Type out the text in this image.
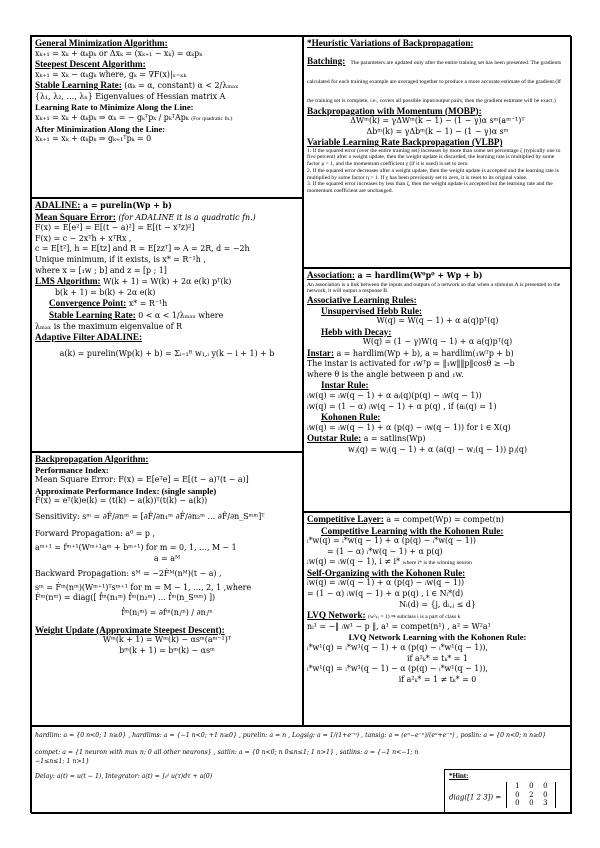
General Minimization Algorithm:
xₖ₊₁ = xₖ + αₖpₖ or Δxₖ = (xₖ₊₁ − xₖ) = αₖpₖ
Steepest Descent Algorithm:
xₖ₊₁ = xₖ − αₖgₖ where, gₖ = ∇F(x)|ₓ₌ₓₖ
Stable Learning Rate: (αₖ = α, constant) α < 2/λₘₐₓ
{λ₁, λ₂, …, λₙ} Eigenvalues of Hessian matrix A
Learning Rate to Minimize Along the Line:
xₖ₊₁ = xₖ + αₖpₖ ⇒ αₖ = − gₖᵀpₖ / pₖᵀApₖ (For quadratic fn.)
After Minimization Along the Line:
xₖ₊₁ = xₖ + αₖpₖ ⇒ gₖ₊₁ᵀpₖ = 0
ADALINE: a = purelin(Wp + b)
Mean Square Error: (for ADALINE it is a quadratic fn.)
F(x) = E[e²] = E[(t − a)²] = E[(t − xᵀz)²]
F(x) = c − 2xᵀh + xᵀRx ,
c = E[t²], h = E[tz] and R = E[zzᵀ] ⇒ A = 2R, d = −2h
Unique minimum, if it exists, is x* = R⁻¹h ,
where x = [₁w ; b] and z = [p ; 1]
LMS Algorithm: W(k + 1) = W(k) + 2α e(k) pᵀ(k)
b(k + 1) = b(k) + 2α e(k)
Convergence Point: x* = R⁻¹h
Stable Learning Rate: 0 < α < 1/λₘₐₓ where
λₘₐₓ is the maximum eigenvalue of R
Adaptive Filter ADALINE:
a(k) = purelin(Wp(k) + b) = Σᵢ₌₁ᴿ w₁,ᵢ y(k − i + 1) + b
Backpropagation Algorithm:
Performance Index:
Mean Square Error: F(x) = E[eᵀe] = E[(t − a)ᵀ(t − a)]
Approximate Performance Index: (single sample)
F̂(x) = eᵀ(k)e(k) = (t(k) − a(k))ᵀ(t(k) − a(k))
Sensitivity: sᵐ = ∂F̂/∂nᵐ = [∂F̂/∂n₁ᵐ ∂F̂/∂n₂ᵐ … ∂F̂/∂n_Sᵐᵐ]ᵀ
Forward Propagation: a⁰ = p ,
aᵐ⁺¹ = fᵐ⁺¹(Wᵐ⁺¹aᵐ + bᵐ⁺¹) for m = 0, 1, …, M − 1
a = aᴹ
Backward Propagation: sᴹ = −2Ḟᴹ(nᴹ)(t − a) ,
sᵐ = Ḟᵐ(nᵐ)(Wᵐ⁺¹)ᵀsᵐ⁺¹ for m = M − 1, …, 2, 1 ,where
Ḟᵐ(nᵐ) = diag([ ḟᵐ(n₁ᵐ) ḟᵐ(n₂ᵐ) … ḟᵐ(n_Sᵐᵐ) ])
ḟᵐ(nⱼᵐ) = ∂fᵐ(nⱼᵐ) / ∂nⱼᵐ
Weight Update (Approximate Steepest Descent):
Wᵐ(k + 1) = Wᵐ(k) − αsᵐ(aᵐ⁻¹)ᵀ
bᵐ(k + 1) = bᵐ(k) − αsᵐ
*Heuristic Variations of Backpropagation:
Batching: The parameters are updated only after the entire training set has been presented. The gradients calculated for each training example are averaged together to produce a more accurate estimate of the gradient.(If the training set is complete, i.e., covers all possible input/output pairs, then the gradient estimate will be exact.)
Backpropagation with Momentum (MOBP):
ΔWᵐ(k) = γΔWᵐ(k − 1) − (1 − γ)α sᵐ(aᵐ⁻¹)ᵀ
Δbᵐ(k) = γΔbᵐ(k − 1) − (1 − γ)α sᵐ
Variable Learning Rate Backpropagation (VLBP)
1. If the squared error (over the entire training set) increases by more than some set percentage ζ (typically one to five percent) after a weight update, then the weight update is discarded, the learning rate is multiplied by some factor ρ < 1, and the momentum coefficient γ (if it is used) is set to zero.
2. If the squared error decreases after a weight update, then the weight update is accepted and the learning rate is multiplied by some factor η > 1. If γ has been previously set to zero, it is reset to its original value.
3. If the squared error increases by less than ζ, then the weight update is accepted but the learning rate and the momentum coefficient are unchanged.
Association: a = hardlim(W⁰p⁰ + Wp + b)
An association is a link between the inputs and outputs of a network so that when a stimulus A is presented to the network, it will output a response B.
Associative Learning Rules:
Unsupervised Hebb Rule:
W(q) = W(q − 1) + α a(q)pᵀ(q)
Hebb with Decay:
W(q) = (1 − γ)W(q − 1) + α a(q)pᵀ(q)
Instar: a = hardlim(Wp + b), a = hardlim(₁wᵀp + b)
The instar is activated for ₁wᵀp = ‖₁w‖‖p‖cosθ ≥ −b
where θ is the angle between p and ₁w.
Instar Rule:
ᵢw(q) = ᵢw(q − 1) + α aᵢ(q)(p(q) − ᵢw(q − 1))
ᵢw(q) = (1 − α) ᵢw(q − 1) + α p(q) , if (aᵢ(q) = 1)
Kohonen Rule:
ᵢw(q) = ᵢw(q − 1) + α (p(q) − ᵢw(q − 1)) for i ∈ X(q)
Outstar Rule: a = satlins(Wp)
wⱼ(q) = wⱼ(q − 1) + α (a(q) − wⱼ(q − 1)) pⱼ(q)
Competitive Layer: a = compet(Wp) = compet(n)
Competitive Learning with the Kohonen Rule:
ᵢ*w(q) = ᵢ*w(q − 1) + α (p(q) − ᵢ*w(q − 1))
= (1 − α) ᵢ*w(q − 1) + α p(q)
ᵢw(q) = ᵢw(q − 1), i ≠ i* where i* is the winning neuron
Self-Organizing with the Kohonen Rule:
ᵢw(q) = ᵢw(q − 1) + α (p(q) − ᵢw(q − 1))
= (1 − α) ᵢw(q − 1) + α p(q) , i ∈ Nᵢ*(d)
Nᵢ(d) = {j, dᵢ,ⱼ ≤ d}
LVQ Network: (w²ₖᵢ = 1) ⇒ subclass i is a part of class k
nᵢ¹ = −‖ ᵢw¹ − p ‖, a¹ = compet(n¹) , a² = W²a¹
LVQ Network Learning with the Kohonen Rule:
ᵢ*w¹(q) = ᵢ*w¹(q − 1) + α (p(q) − ᵢ*w¹(q − 1)),
if a²ₖ* = tₖ* = 1
ᵢ*w¹(q) = ᵢ*w¹(q − 1) − α (p(q) − ᵢ*w¹(q − 1)),
if a²ₖ* = 1 ≠ tₖ* = 0
hardlim: a = {0 n<0; 1 n≥0} , hardlims: a = {−1 n<0; +1 n≥0} , purelin: a = n , Logsig: a = 1/(1+e⁻ⁿ) , tansig: a = (eⁿ−e⁻ⁿ)/(eⁿ+e⁻ⁿ) , poslin: a = {0 n<0; n n≥0}
compet: a = {1 neuron with max n; 0 all other neurons} , satlin: a = {0 n<0; n 0≤n≤1; 1 n>1} , satlins: a = {−1 n<−1; n −1≤n≤1; 1 n>1}
Delay: a(t) = u(t − 1), Integrator: a(t) = ∫₀ᵗ u(τ)dτ + a(0)	*Hint:
diag([1 2 3]) =
1 0 0
0 2 0
0 0 3
